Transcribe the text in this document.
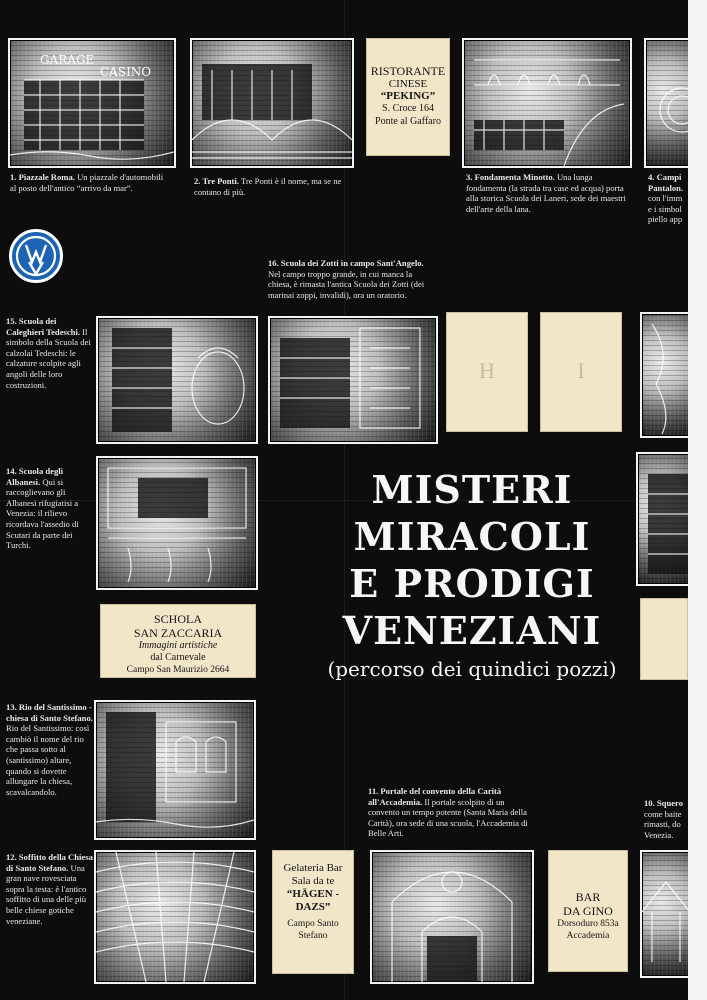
GARAGE
CASINO
1. Piazzale Roma. Un piazzale d'automobili al posto dell'antico “arrivo da mar”.
2. Tre Ponti. Tre Ponti è il nome, ma se ne contano di più.
RISTORANTE
CINESE
“PEKING”
S. Croce 164
Ponte al Gaffaro
3. Fondamenta Minotto. Una lunga fondamenta (la strada tra case ed acqua) porta alla storica Scuola dei Laneri, sede dei maestri dell'arte della lana.
4. Campi
Pantalon.
con l'imm
e i simbol
piello app
16. Scuola dei Zotti in campo Sant'Angelo. Nel campo troppo grande, in cui manca la chiesa, è rimasta l'antica Scuola dei Zotti (dei marinai zoppi, invalidi), ora un oratorio.
15. Scuola dei Caleghieri Tedeschi. Il simbolo della Scuola dei calzolai Tedeschi: le calzature scolpite agli angoli delle loro costruzioni.
H	I
14. Scuola degli Albanesi. Qui si raccoglievano gli Albanesi rifugiatisi a Venezia: il rilievo ricordava l'assedio di Scutari da parte dei Turchi.
SCHOLA
SAN ZACCARIA
Immagini artistiche
dal Carnevale
Campo San Maurizio 2664
MISTERI
MIRACOLI
E PRODIGI
VENEZIANI
(percorso dei quindici pozzi)
13. Rio del Santissimo - chiesa di Santo Stefano. Rio del Santissimo: così cambiò il nome del rio che passa sotto al (santissimo) altare, quando si dovette allungare la chiesa, scavalcandolo.	11. Portale del convento della Carità all'Accademia. Il portale scolpito di un convento un tempo potente (Santa Maria della Carità), ora sede di una scuola, l'Accademia di Belle Arti.
10. Squero
come baite
rimasti, do
Venezia.
12. Soffitto della Chiesa di Santo Stefano. Una gran nave rovesciata sopra la testa: è l'antico soffitto di una delle più belle chiese gotiche veneziane.
Gelateria Bar
Sala da te
“HÄGEN -
DAZS”
Campo Santo
Stefano
BAR
DA GINO
Dorsoduro 853a
Accademia
